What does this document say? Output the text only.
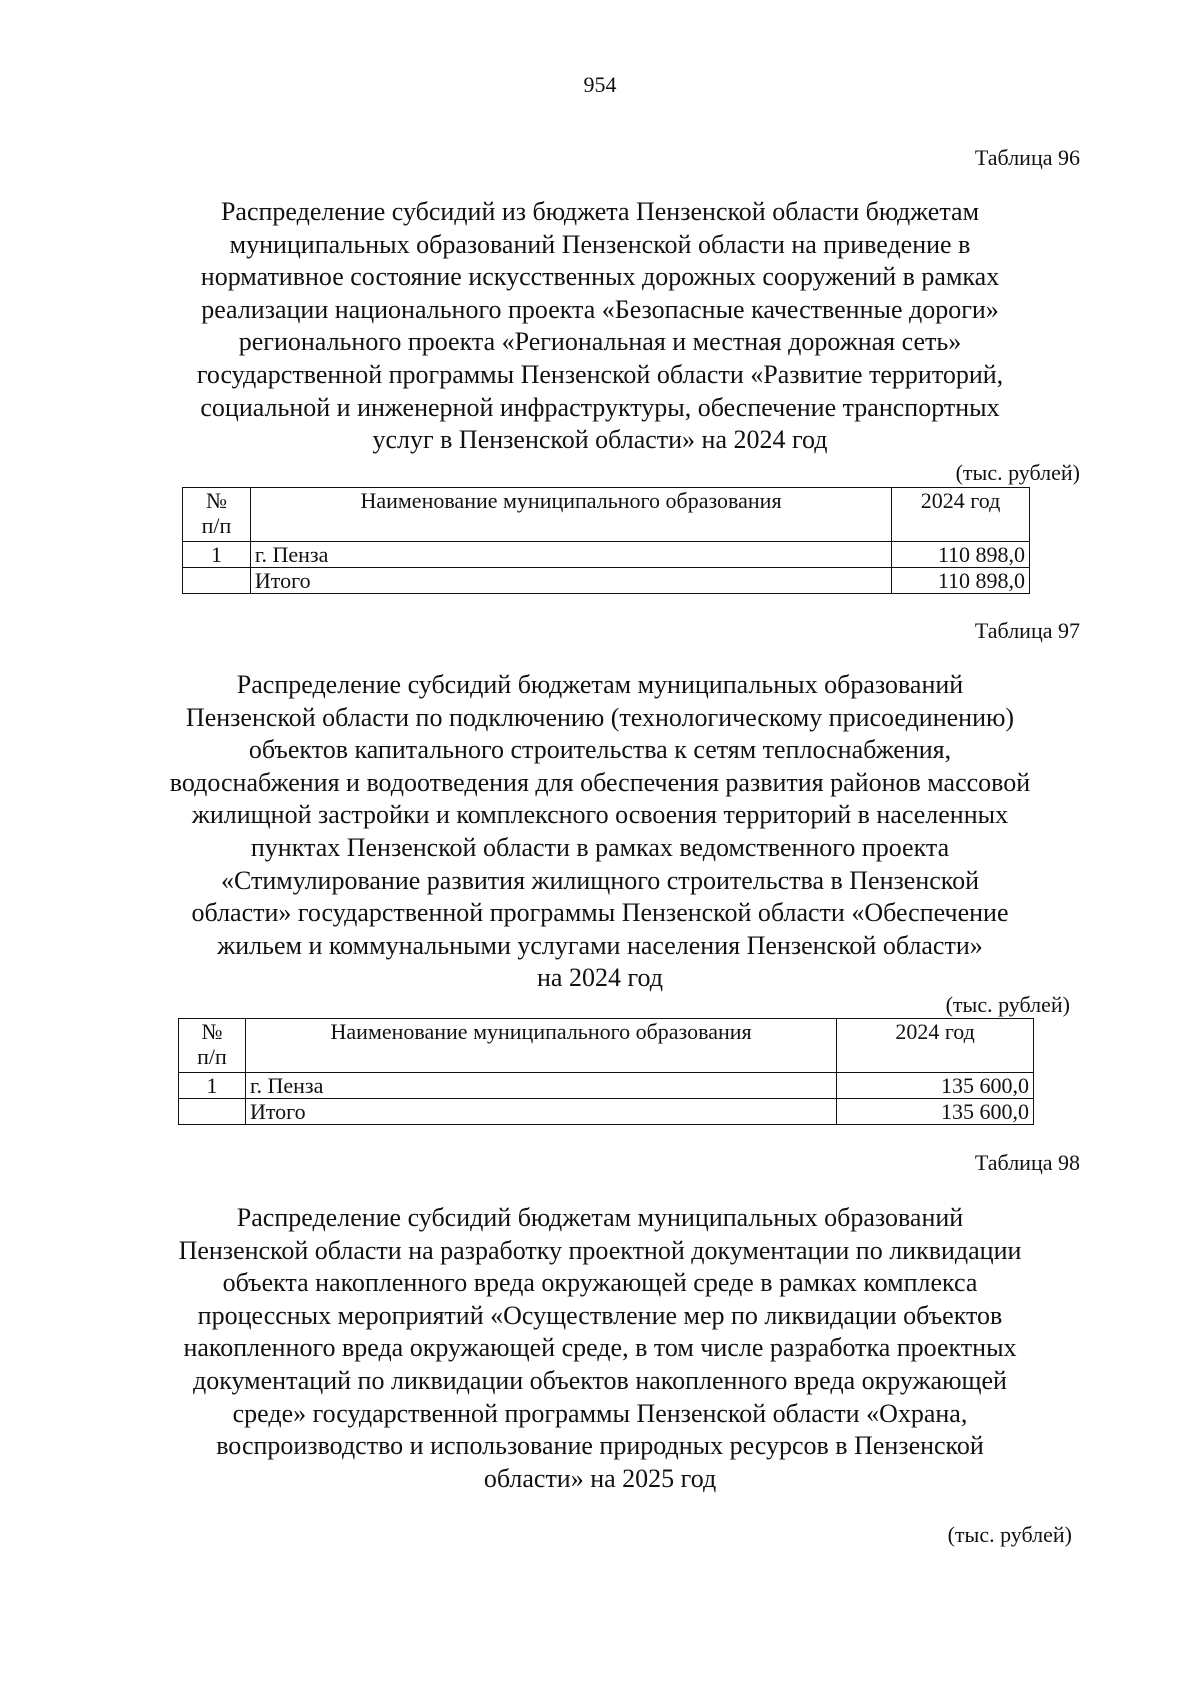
954
Таблица 96
Распределение субсидий из бюджета Пензенской области бюджетам
муниципальных образований Пензенской области на приведение в
нормативное состояние искусственных дорожных сооружений в рамках
реализации национального проекта «Безопасные качественные дороги»
регионального проекта «Региональная и местная дорожная сеть»
государственной программы Пензенской области «Развитие территорий,
социальной и инженерной инфраструктуры, обеспечение транспортных
услуг в Пензенской области» на 2024 год
(тыс. рублей)
№
п/п	Наименование муниципального образования	2024 год
1	г. Пенза	110 898,0
	Итого	110 898,0
Таблица 97
Распределение субсидий бюджетам муниципальных образований
Пензенской области по подключению (технологическому присоединению)
объектов капитального строительства к сетям теплоснабжения,
водоснабжения и водоотведения для обеспечения развития районов массовой
жилищной застройки и комплексного освоения территорий в населенных
пунктах Пензенской области в рамках ведомственного проекта
«Стимулирование развития жилищного строительства в Пензенской
области» государственной программы Пензенской области «Обеспечение
жильем и коммунальными услугами населения Пензенской области»
на 2024 год
(тыс. рублей)
№
п/п	Наименование муниципального образования	2024 год
1	г. Пенза	135 600,0
	Итого	135 600,0
Таблица 98
Распределение субсидий бюджетам муниципальных образований
Пензенской области на разработку проектной документации по ликвидации
объекта накопленного вреда окружающей среде в рамках комплекса
процессных мероприятий «Осуществление мер по ликвидации объектов
накопленного вреда окружающей среде, в том числе разработка проектных
документаций по ликвидации объектов накопленного вреда окружающей
среде» государственной программы Пензенской области «Охрана,
воспроизводство и использование природных ресурсов в Пензенской
области» на 2025 год
(тыс. рублей)
